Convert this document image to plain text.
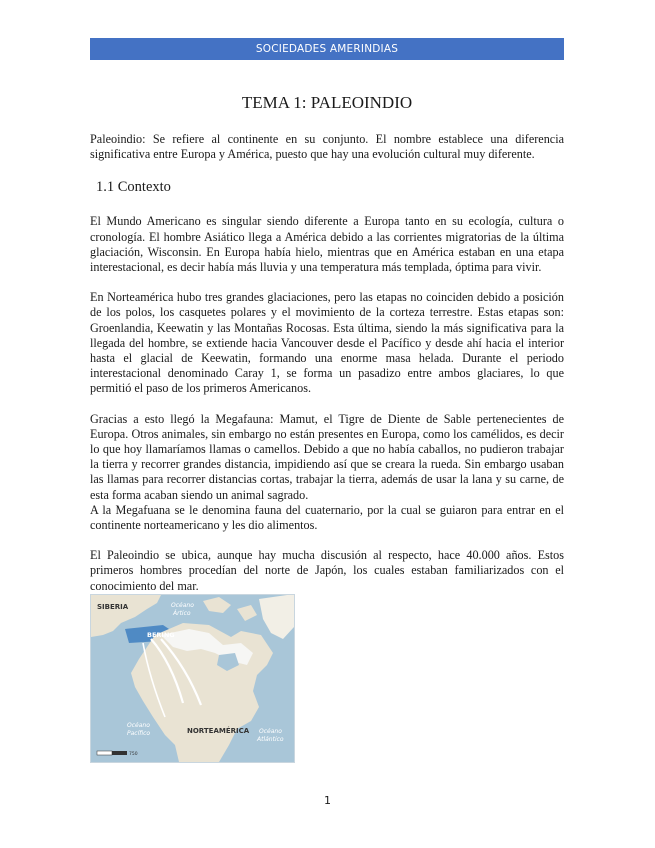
SOCIEDADES AMERINDIAS
TEMA 1: PALEOINDIO

Paleoindio: Se refiere al continente en su conjunto. El nombre establece una diferencia significativa entre Europa y América, puesto que hay una evolución cultural muy diferente.

1.1 Contexto

El Mundo Americano es singular siendo diferente a Europa tanto en su ecología, cultura o cronología. El hombre Asiático llega a América debido a las corrientes migratorias de la última glaciación, Wisconsin. En Europa había hielo, mientras que en América estaban en una etapa interestacional, es decir había más lluvia y una temperatura más templada, óptima para vivir.

En Norteamérica hubo tres grandes glaciaciones, pero las etapas no coinciden debido a posición de los polos, los casquetes polares y el movimiento de la corteza terrestre. Estas etapas son: Groenlandia, Keewatin y las Montañas Rocosas. Esta última, siendo la más significativa para la llegada del hombre, se extiende hacia Vancouver desde el Pacífico y desde ahí hacia el interior hasta el glacial de Keewatin, formando una enorme masa helada. Durante el periodo interestacional denominado Caray 1, se forma un pasadizo entre ambos glaciares, lo que permitió el paso de los primeros Americanos.

Gracias a esto llegó la Megafauna: Mamut, el Tigre de Diente de Sable pertenecientes de Europa. Otros animales, sin embargo no están presentes en Europa, como los camélidos, es decir lo que hoy llamaríamos llamas o camellos. Debido a que no había caballos, no pudieron trabajar la tierra y recorrer grandes distancia, impidiendo así que se creara la rueda. Sin embargo usaban las llamas para recorrer distancias cortas, trabajar la tierra, además de usar la lana y su carne, de esta forma acaban siendo un animal sagrado.

A la Megafuana se le denomina fauna del cuaternario, por la cual se guiaron para entrar en el continente norteamericano y les dio alimentos.

El Paleoindio se ubica, aunque hay mucha discusión al respecto, hace 40.000 años. Estos primeros hombres procedían del norte de Japón, los cuales estaban familiarizados con el conocimiento del mar.

SIBERIA	Océano
Ártico
BERING
Océano
Pacífico	NORTEAMÉRICA Océano
Atlántico
750
1
